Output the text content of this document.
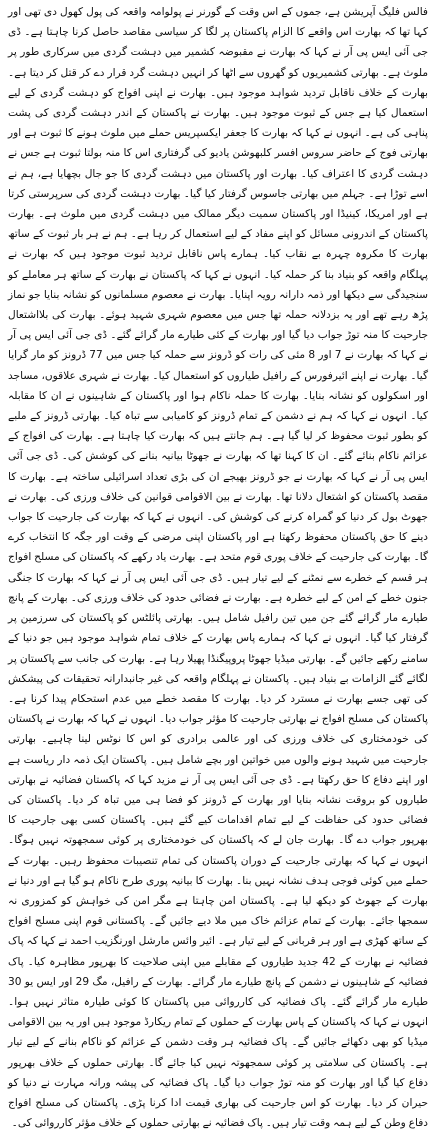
فالس فلیگ آپریشن ہے، جموں کے اس وقت کے گورنر نے پولوامہ واقعہ کی پول کھول دی تھی اور کہا تھا کہ بھارت اس واقعے کا الزام پاکستان پر لگا کر سیاسی مقاصد حاصل کرنا چاہتا ہے۔ ڈی جی آئی ایس پی آر نے کہا کہ بھارت نے مقبوضہ کشمیر میں دہشت گردی میں سرکاری طور پر ملوث ہے۔ بھارتی کشمیریوں کو گھروں سے اٹھا کر انہیں دہشت گرد قرار دے کر قتل کر دیتا ہے۔ بھارت کے خلاف ناقابل تردید شواہد موجود ہیں۔ بھارت نے اپنی افواج کو دہشت گردی کے لیے استعمال کیا ہے جس کے ثبوت موجود ہیں۔ بھارت نے پاکستان کے اندر دہشت گردی کی پشت پناہی کی ہے۔ انہوں نے کہا کہ بھارت کا جعفر ایکسپریس حملے میں ملوث ہونے کا ثبوت ہے اور بھارتی فوج کے حاضر سروس افسر کلبھوشن یادیو کی گرفتاری اس کا منہ بولتا ثبوت ہے جس نے دہشت گردی کا اعتراف کیا۔ بھارت اور پاکستان میں دہشت گردی کا جو جال بچھایا ہے، ہم نے اسے توڑا ہے۔ جہلم میں بھارتی جاسوس گرفتار کیا گیا۔ بھارت دہشت گردی کی سرپرستی کرتا ہے اور امریکا، کینیڈا اور پاکستان سمیت دیگر ممالک میں دہشت گردی میں ملوث ہے۔ بھارت پاکستان کے اندرونی مسائل کو اپنے مفاد کے لیے استعمال کر رہا ہے۔ ہم نے ہر بار ثبوت کے ساتھ بھارت کا مکروہ چہرہ بے نقاب کیا۔ ہمارے پاس ناقابل تردید ثبوت موجود ہیں کہ بھارت نے پہلگام واقعہ کو بنیاد بنا کر حملہ کیا۔ انہوں نے کہا کہ پاکستان نے بھارت کے ساتھ ہر معاملے کو سنجیدگی سے دیکھا اور ذمہ دارانہ رویہ اپنایا۔ بھارت نے معصوم مسلمانوں کو نشانہ بنایا جو نماز پڑھ رہے تھے اور یہ بزدلانہ حملہ تھا جس میں معصوم شہری شہید ہوئے۔ بھارت کی بلااشتعال جارحیت کا منہ توڑ جواب دیا گیا اور بھارت کے کئی طیارے مار گرائے گئے۔ ڈی جی آئی ایس پی آر نے کہا کہ بھارت نے 7 اور 8 مئی کی رات کو ڈرونز سے حملہ کیا جس میں 77 ڈرونز کو مار گرایا گیا۔ بھارت نے اپنے ائیرفورس کے رافیل طیاروں کو استعمال کیا۔ بھارت نے شہری علاقوں، مساجد اور اسکولوں کو نشانہ بنایا۔ بھارت کا حملہ ناکام ہوا اور پاکستان کے شاہینوں نے ان کا مقابلہ کیا۔ انہوں نے کہا کہ ہم نے دشمن کے تمام ڈرونز کو کامیابی سے تباہ کیا۔ بھارتی ڈرونز کے ملبے کو بطور ثبوت محفوظ کر لیا گیا ہے۔ ہم جانتے ہیں کہ بھارت کیا چاہتا ہے۔ بھارت کی افواج کے عزائم ناکام بنائے گئے۔ ان کا کہنا تھا کہ بھارت نے جھوٹا بیانیہ بنانے کی کوشش کی۔ ڈی جی آئی ایس پی آر نے کہا کہ بھارت نے جو ڈرونز بھیجے ان کی بڑی تعداد اسرائیلی ساختہ ہے۔ بھارت کا مقصد پاکستان کو اشتعال دلانا تھا۔ بھارت نے بین الاقوامی قوانین کی خلاف ورزی کی۔ بھارت نے جھوٹ بول کر دنیا کو گمراہ کرنے کی کوشش کی۔ انہوں نے کہا کہ بھارت کی جارحیت کا جواب دینے کا حق پاکستان محفوظ رکھتا ہے اور پاکستان اپنی مرضی کے وقت اور جگہ کا انتخاب کرے گا۔ بھارت کی جارحیت کے خلاف پوری قوم متحد ہے۔ بھارت یاد رکھے کہ پاکستان کی مسلح افواج ہر قسم کے خطرے سے نمٹنے کے لیے تیار ہیں۔ ڈی جی آئی ایس پی آر نے کہا کہ بھارت کا جنگی جنون خطے کے امن کے لیے خطرہ ہے۔ بھارت نے فضائی حدود کی خلاف ورزی کی۔ بھارت کے پانچ طیارے مار گرائے گئے جن میں تین رافیل شامل ہیں۔ بھارتی پائلٹس کو پاکستان کی سرزمین پر گرفتار کیا گیا۔ انہوں نے کہا کہ ہمارے پاس بھارت کے خلاف تمام شواہد موجود ہیں جو دنیا کے سامنے رکھے جائیں گے۔ بھارتی میڈیا جھوٹا پروپیگنڈا پھیلا رہا ہے۔ بھارت کی جانب سے پاکستان پر لگائے گئے الزامات بے بنیاد ہیں۔ پاکستان نے پہلگام واقعہ کی غیر جانبدارانہ تحقیقات کی پیشکش کی تھی جسے بھارت نے مسترد کر دیا۔ بھارت کا مقصد خطے میں عدم استحکام پیدا کرنا ہے۔ پاکستان کی مسلح افواج نے بھارتی جارحیت کا مؤثر جواب دیا۔ انہوں نے کہا کہ بھارت نے پاکستان کی خودمختاری کی خلاف ورزی کی اور عالمی برادری کو اس کا نوٹس لینا چاہیے۔ بھارتی جارحیت میں شہید ہونے والوں میں خواتین اور بچے شامل ہیں۔ پاکستان ایک ذمہ دار ریاست ہے اور اپنے دفاع کا حق رکھتا ہے۔ ڈی جی آئی ایس پی آر نے مزید کہا کہ پاکستان فضائیہ نے بھارتی طیاروں کو بروقت نشانہ بنایا اور بھارت کے ڈرونز کو فضا ہی میں تباہ کر دیا۔ پاکستان کی فضائی حدود کی حفاظت کے لیے تمام اقدامات کیے گئے ہیں۔ پاکستان کسی بھی جارحیت کا بھرپور جواب دے گا۔ بھارت جان لے کہ پاکستان کی خودمختاری پر کوئی سمجھوتہ نہیں ہوگا۔ انہوں نے کہا کہ بھارتی جارحیت کے دوران پاکستان کی تمام تنصیبات محفوظ رہیں۔ بھارت کے حملے میں کوئی فوجی ہدف نشانہ نہیں بنا۔ بھارت کا بیانیہ پوری طرح ناکام ہو گیا ہے اور دنیا نے بھارت کے جھوٹ کو دیکھ لیا ہے۔ پاکستان امن چاہتا ہے مگر امن کی خواہش کو کمزوری نہ سمجھا جائے۔ بھارت کے تمام عزائم خاک میں ملا دیے جائیں گے۔ پاکستانی قوم اپنی مسلح افواج کے ساتھ کھڑی ہے اور ہر قربانی کے لیے تیار ہے۔ ائیر وائس مارشل اورنگزیب احمد نے کہا کہ پاک فضائیہ نے بھارت کے 42 جدید طیاروں کے مقابلے میں اپنی صلاحیت کا بھرپور مظاہرہ کیا۔ پاک فضائیہ کے شاہینوں نے دشمن کے پانچ طیارے مار گرائے۔ بھارت کے رافیل، مگ 29 اور ایس یو 30 طیارے مار گرائے گئے۔ پاک فضائیہ کی کارروائی میں پاکستان کا کوئی طیارہ متاثر نہیں ہوا۔ انہوں نے کہا کہ پاکستان کے پاس بھارت کے حملوں کے تمام ریکارڈ موجود ہیں اور یہ بین الاقوامی میڈیا کو بھی دکھائے جائیں گے۔ پاک فضائیہ ہر وقت دشمن کے عزائم کو ناکام بنانے کے لیے تیار ہے۔ پاکستان کی سلامتی پر کوئی سمجھوتہ نہیں کیا جائے گا۔ بھارتی حملوں کے خلاف بھرپور دفاع کیا گیا اور بھارت کو منہ توڑ جواب دیا گیا۔ پاک فضائیہ کی پیشہ ورانہ مہارت نے دنیا کو حیران کر دیا۔ بھارت کو اس جارحیت کی بھاری قیمت ادا کرنا پڑی۔ پاکستان کی مسلح افواج دفاع وطن کے لیے ہمہ وقت تیار ہیں۔ پاک فضائیہ نے بھارتی حملوں کے خلاف مؤثر کارروائی کی۔
